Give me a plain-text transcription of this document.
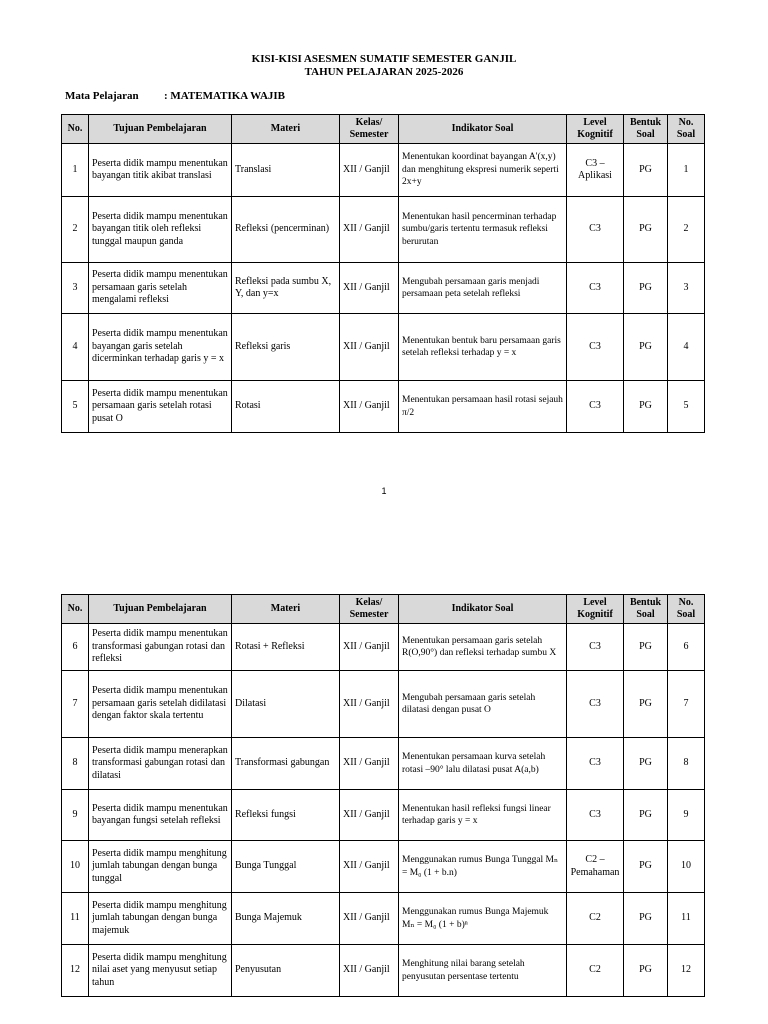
KISI-KISI ASESMEN SUMATIF SEMESTER GANJIL
TAHUN PELAJARAN 2025-2026
Mata Pelajaran : MATEMATIKA WAJIB
No.	Tujuan Pembelajaran	Materi	Kelas/ Semester	Indikator Soal	Level Kognitif	Bentuk Soal	No. Soal
1	Peserta didik mampu menentukan bayangan titik akibat translasi	Translasi	XII / Ganjil	Menentukan koordinat bayangan A'(x,y) dan menghitung ekspresi numerik seperti 2x+y	C3 – Aplikasi	PG	1
2	Peserta didik mampu menentukan bayangan titik oleh refleksi tunggal maupun ganda	Refleksi (pencerminan)	XII / Ganjil	Menentukan hasil pencerminan terhadap sumbu/garis tertentu termasuk refleksi berurutan	C3	PG	2
3	Peserta didik mampu menentukan persamaan garis setelah mengalami refleksi	Refleksi pada sumbu X, Y, dan y=x	XII / Ganjil	Mengubah persamaan garis menjadi persamaan peta setelah refleksi	C3	PG	3
4	Peserta didik mampu menentukan bayangan garis setelah dicerminkan terhadap garis y = x	Refleksi garis	XII / Ganjil	Menentukan bentuk baru persamaan garis setelah refleksi terhadap y = x	C3	PG	4
5	Peserta didik mampu menentukan persamaan garis setelah rotasi pusat O	Rotasi	XII / Ganjil	Menentukan persamaan hasil rotasi sejauh π/2	C3	PG	5
1
No.	Tujuan Pembelajaran	Materi	Kelas/ Semester	Indikator Soal	Level Kognitif	Bentuk Soal	No. Soal
6	Peserta didik mampu menentukan transformasi gabungan rotasi dan refleksi	Rotasi + Refleksi	XII / Ganjil	Menentukan persamaan garis setelah R(O,90°) dan refleksi terhadap sumbu X	C3	PG	6
7	Peserta didik mampu menentukan persamaan garis setelah didilatasi dengan faktor skala tertentu	Dilatasi	XII / Ganjil	Mengubah persamaan garis setelah dilatasi dengan pusat O	C3	PG	7
8	Peserta didik mampu menerapkan transformasi gabungan rotasi dan dilatasi	Transformasi gabungan	XII / Ganjil	Menentukan persamaan kurva setelah rotasi –90° lalu dilatasi pusat A(a,b)	C3	PG	8
9	Peserta didik mampu menentukan bayangan fungsi setelah refleksi	Refleksi fungsi	XII / Ganjil	Menentukan hasil refleksi fungsi linear terhadap garis y = x	C3	PG	9
10	Peserta didik mampu menghitung jumlah tabungan dengan bunga tunggal	Bunga Tunggal	XII / Ganjil	Menggunakan rumus Bunga Tunggal Mₙ = M₀ (1 + b.n)	C2 – Pemahaman	PG	10
11	Peserta didik mampu menghitung jumlah tabungan dengan bunga majemuk	Bunga Majemuk	XII / Ganjil	Menggunakan rumus Bunga Majemuk Mₙ = M₀ (1 + b)ⁿ	C2	PG	11
12	Peserta didik mampu menghitung nilai aset yang menyusut setiap tahun	Penyusutan	XII / Ganjil	Menghitung nilai barang setelah penyusutan persentase tertentu	C2	PG	12
